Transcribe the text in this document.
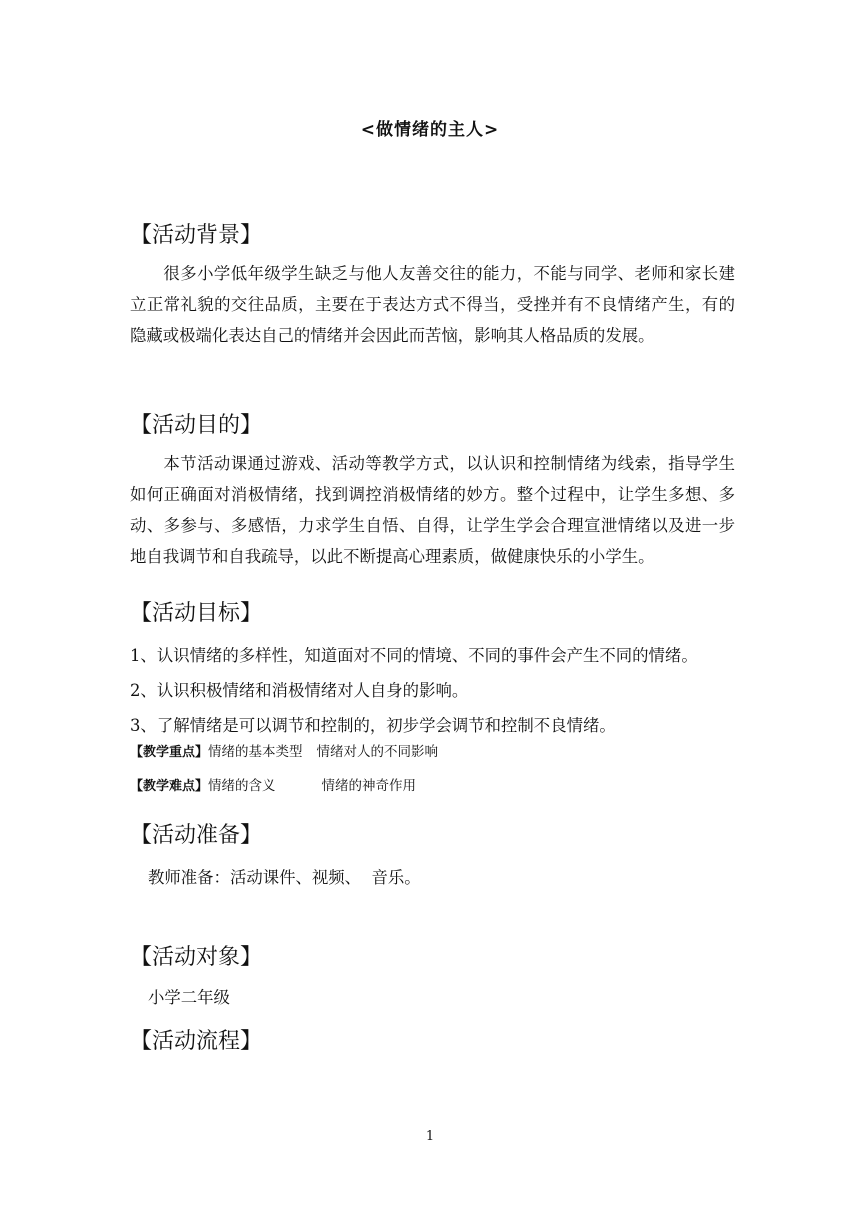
<做情绪的主人>
【活动背景】
很多小学低年级学生缺乏与他人友善交往的能力，不能与同学、老师和家长建立正常礼貌的交往品质，主要在于表达方式不得当，受挫并有不良情绪产生，有的隐藏或极端化表达自己的情绪并会因此而苦恼，影响其人格品质的发展。
【活动目的】
本节活动课通过游戏、活动等教学方式，以认识和控制情绪为线索，指导学生如何正确面对消极情绪，找到调控消极情绪的妙方。整个过程中，让学生多想、多动、多参与、多感悟，力求学生自悟、自得，让学生学会合理宣泄情绪以及进一步地自我调节和自我疏导，以此不断提高心理素质，做健康快乐的小学生。
【活动目标】
1、认识情绪的多样性，知道面对不同的情境、不同的事件会产生不同的情绪。
2、认识积极情绪和消极情绪对人自身的影响。
3、了解情绪是可以调节和控制的，初步学会调节和控制不良情绪。
【教学重点】情绪的基本类型 情绪对人的不同影响
【教学难点】情绪的含义	情绪的神奇作用
【活动准备】
教师准备：活动课件、视频、  音乐。
【活动对象】
小学二年级
【活动流程】
1
